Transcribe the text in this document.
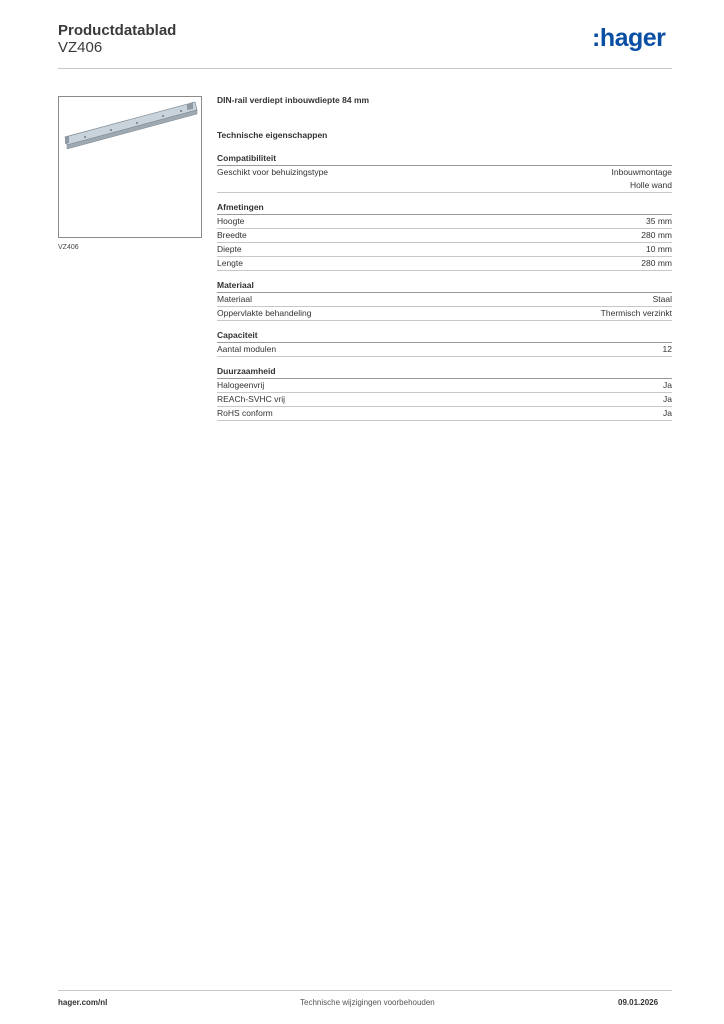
Productdatablad
VZ406	:hager
VZ406
DIN-rail verdiept inbouwdiepte 84 mm
Technische eigenschappen
Compatibiliteit
Geschikt voor behuizingstype	Inbouwmontage
Holle wand
Afmetingen
Hoogte	35 mm
Breedte	280 mm
Diepte	10 mm
Lengte	280 mm
Materiaal
Materiaal	Staal
Oppervlakte behandeling	Thermisch verzinkt
Capaciteit
Aantal modulen	12
Duurzaamheid
Halogeenvrij	Ja
REACh-SVHC vrij	Ja
RoHS conform	Ja
hager.com/nl	Technische wijzigingen voorbehouden	09.01.2026
